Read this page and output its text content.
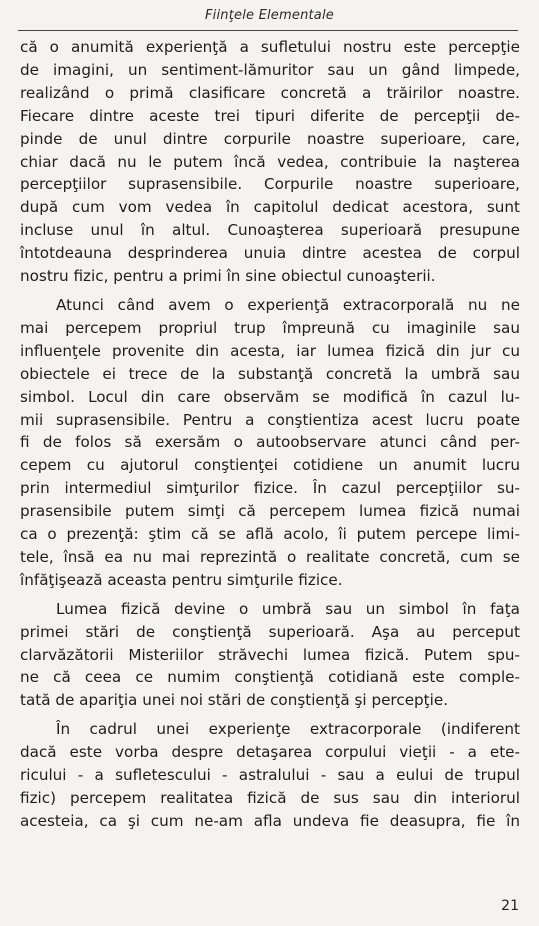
Fiinţele Elementale
că o anumită experienţă a sufletului nostru este percepţie
de imagini, un sentiment-lămuritor sau un gând limpede,
realizând o primă clasificare concretă a trăirilor noastre.
Fiecare dintre aceste trei tipuri diferite de percepţii de-
pinde de unul dintre corpurile noastre superioare, care,
chiar dacă nu le putem încă vedea, contribuie la naşterea
percepţiilor suprasensibile. Corpurile noastre superioare,
după cum vom vedea în capitolul dedicat acestora, sunt
incluse unul în altul. Cunoaşterea superioară presupune
întotdeauna desprinderea unuia dintre acestea de corpul
nostru fizic, pentru a primi în sine obiectul cunoaşterii.
Atunci când avem o experienţă extracorporală nu ne
mai percepem propriul trup împreună cu imaginile sau
influenţele provenite din acesta, iar lumea fizică din jur cu
obiectele ei trece de la substanţă concretă la umbră sau
simbol. Locul din care observăm se modifică în cazul lu-
mii suprasensibile. Pentru a conştientiza acest lucru poate
fi de folos să exersăm o autoobservare atunci când per-
cepem cu ajutorul conştienţei cotidiene un anumit lucru
prin intermediul simţurilor fizice. În cazul percepţiilor su-
prasensibile putem simţi că percepem lumea fizică numai
ca o prezenţă: ştim că se află acolo, îi putem percepe limi-
tele, însă ea nu mai reprezintă o realitate concretă, cum se
înfăţişează aceasta pentru simţurile fizice.
Lumea fizică devine o umbră sau un simbol în faţa
primei stări de conştienţă superioară. Aşa au perceput
clarvăzătorii Misteriilor străvechi lumea fizică. Putem spu-
ne că ceea ce numim conştienţă cotidiană este comple-
tată de apariţia unei noi stări de conştienţă şi percepţie.
În cadrul unei experienţe extracorporale (indiferent
dacă este vorba despre detaşarea corpului vieţii - a ete-
ricului - a sufletescului - astralului - sau a eului de trupul
fizic) percepem realitatea fizică de sus sau din interiorul
acesteia, ca şi cum ne-am afla undeva fie deasupra, fie în
21
